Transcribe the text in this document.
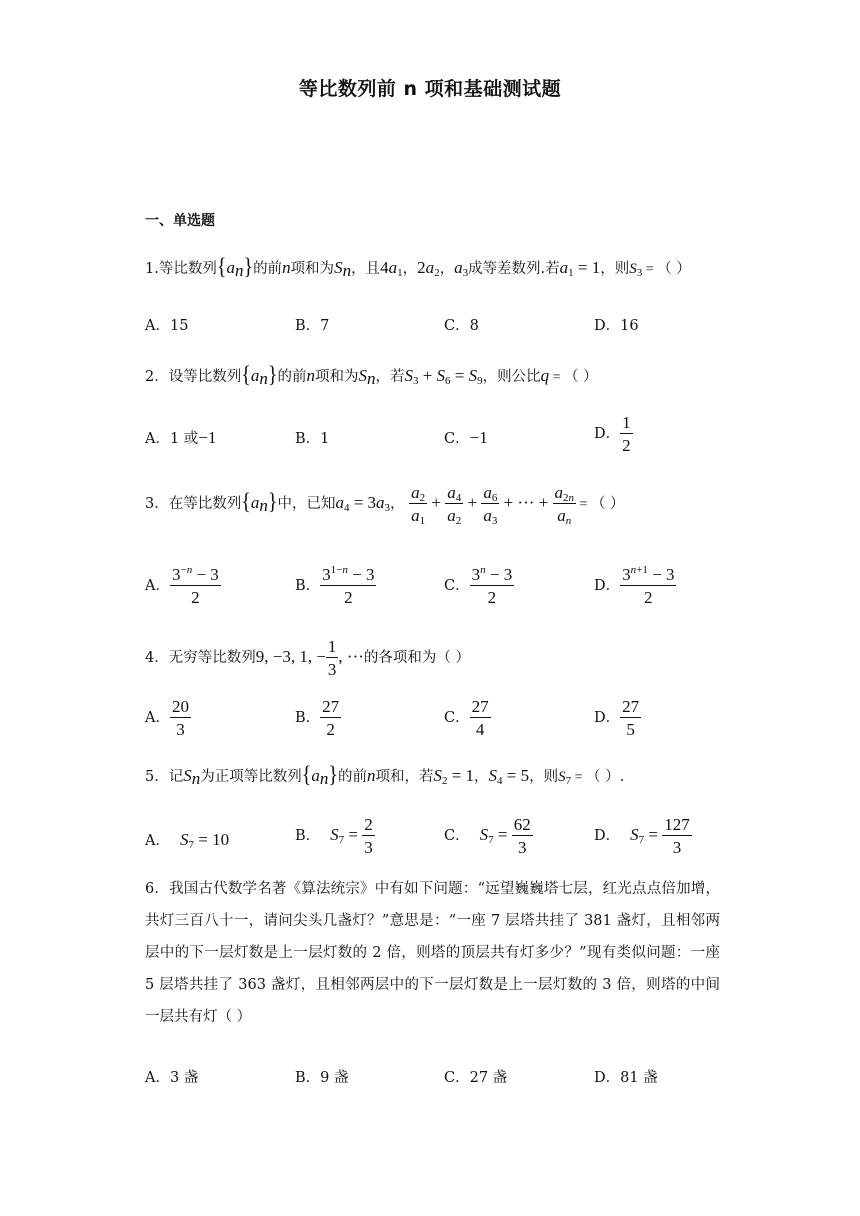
等比数列前 n 项和基础测试题
一、单选题
1.等比数列$\{a_n\}$的前n项和为$S_n$，且$4a_1$，$2a_2$，$a_3$成等差数列.若$a_1 = 1$，则$S_3$ = （ ）
A．15	B．7	C．8	D．16
2．设等比数列$\{a_n\}$的前n项和为$S_n$，若$S_3 + S_6 = S_9$，则公比q = （ ）
A．1 或−1	B．1	C．−1	D． $\frac{1}{2}$
3．在等比数列$\{a_n\}$中，已知$a_4 = 3a_3$， $\frac{a_2}{a_1} + \frac{a_4}{a_2} + \frac{a_6}{a_3}$ + ··· + $\frac{a_{2n}}{a_n}$ = （ ）
A． $\frac{3^{-n} - 3}{2}$	B． $\frac{3^{1-n} - 3}{2}$	C． $\frac{3^n - 3}{2}$	D． $\frac{3^{n+1} - 3}{2}$
4．无穷等比数列9, −3, 1, − $\frac{1}{3}$ , ···的各项和为（ ）
A． $\frac{20}{3}$	B． $\frac{27}{2}$	C． $\frac{27}{4}$	D． $\frac{27}{5}$
5．记$S_n$为正项等比数列$\{a_n\}$的前n项和，若$S_2 = 1$，$S_4 = 5$，则$S_7$ = （ ）.
A． $S_7 = 10$	B． $S_7 = \frac{2}{3}$	C． $S_7 = \frac{62}{3}$	D． $S_7 = \frac{127}{3}$
6．我国古代数学名著《算法统宗》中有如下问题：“远望巍巍塔七层，红光点点倍加增，共灯三百八十一，请问尖头几盏灯？”意思是：“一座 7 层塔共挂了 381 盏灯，且相邻两层中的下一层灯数是上一层灯数的 2 倍，则塔的顶层共有灯多少？”现有类似问题：一座 5 层塔共挂了 363 盏灯，且相邻两层中的下一层灯数是上一层灯数的 3 倍，则塔的中间一层共有灯（ ）
A．3 盏	B．9 盏	C．27 盏	D．81 盏
